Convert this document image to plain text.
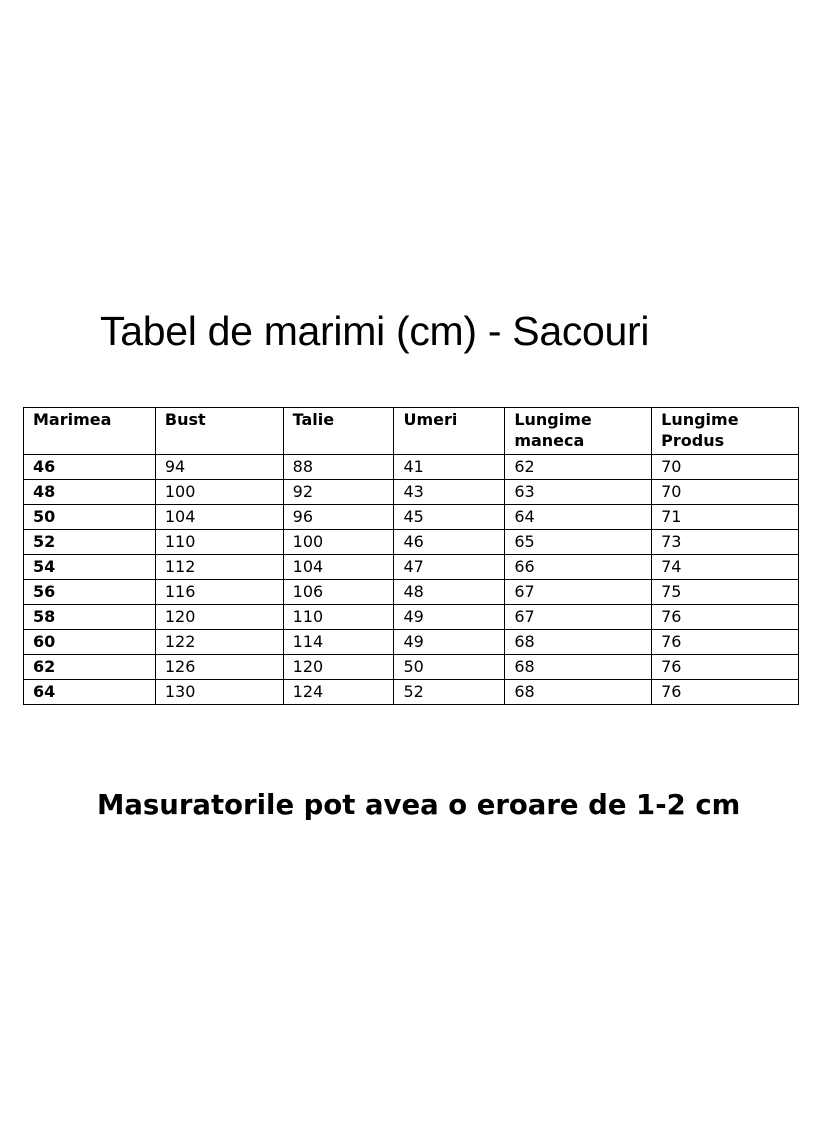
Tabel de marimi (cm) - Sacouri
Marimea	Bust	Talie	Umeri	Lungime maneca	Lungime Produs
46	94	88	41	62	70
48	100	92	43	63	70
50	104	96	45	64	71
52	110	100	46	65	73
54	112	104	47	66	74
56	116	106	48	67	75
58	120	110	49	67	76
60	122	114	49	68	76
62	126	120	50	68	76
64	130	124	52	68	76
Masuratorile pot avea o eroare de 1-2 cm
